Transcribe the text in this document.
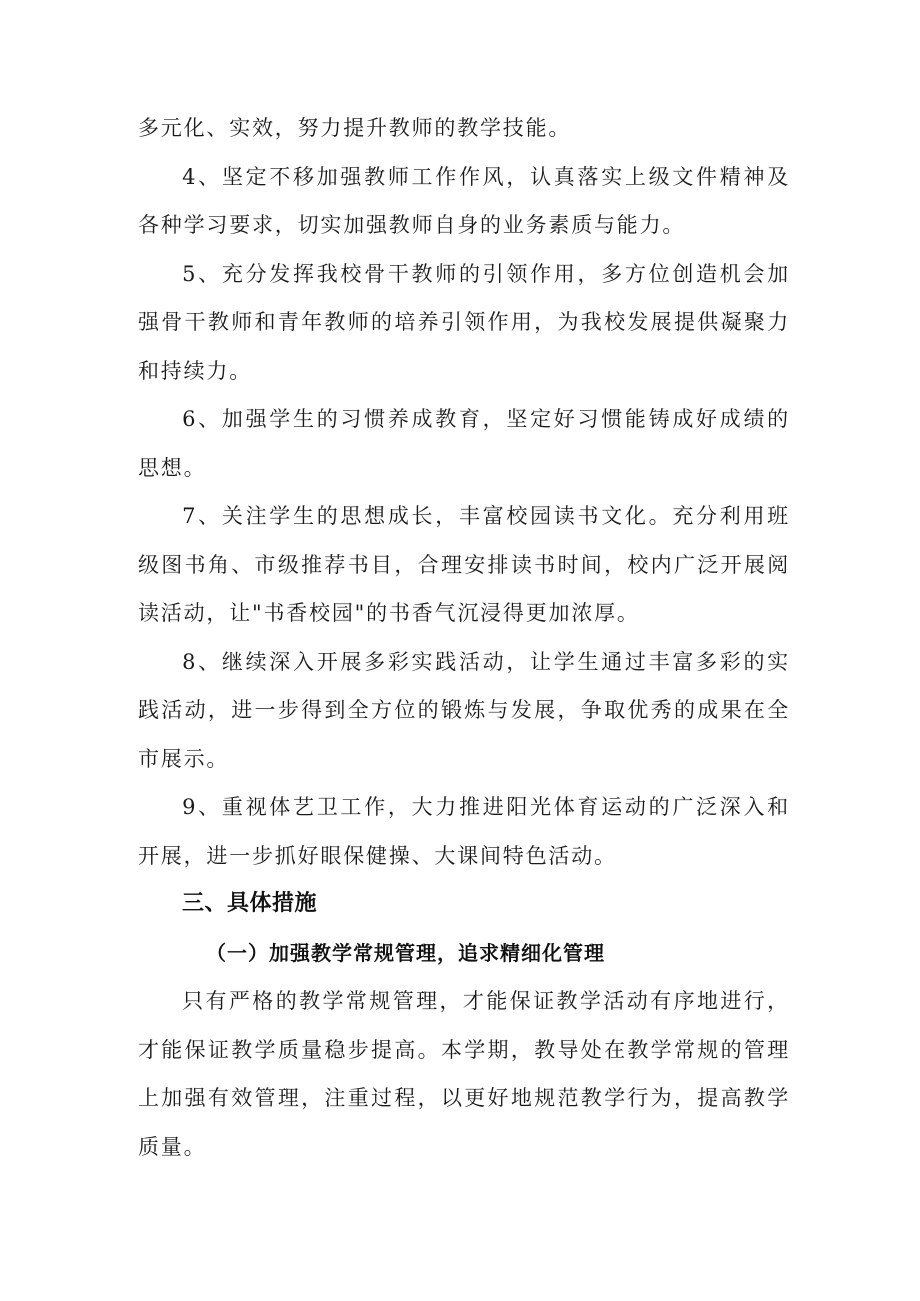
多元化、实效，努力提升教师的教学技能。

4、坚定不移加强教师工作作风，认真落实上级文件精神及各种学习要求，切实加强教师自身的业务素质与能力。

5、充分发挥我校骨干教师的引领作用，多方位创造机会加强骨干教师和青年教师的培养引领作用，为我校发展提供凝聚力和持续力。

6、加强学生的习惯养成教育，坚定好习惯能铸成好成绩的思想。

7、关注学生的思想成长，丰富校园读书文化。充分利用班级图书角、市级推荐书目，合理安排读书时间，校内广泛开展阅读活动，让"书香校园"的书香气沉浸得更加浓厚。

8、继续深入开展多彩实践活动，让学生通过丰富多彩的实践活动，进一步得到全方位的锻炼与发展，争取优秀的成果在全市展示。

9、重视体艺卫工作，大力推进阳光体育运动的广泛深入和开展，进一步抓好眼保健操、大课间特色活动。

三、具体措施

（一）加强教学常规管理，追求精细化管理

只有严格的教学常规管理，才能保证教学活动有序地进行，才能保证教学质量稳步提高。本学期，教导处在教学常规的管理上加强有效管理，注重过程，以更好地规范教学行为，提高教学质量。
